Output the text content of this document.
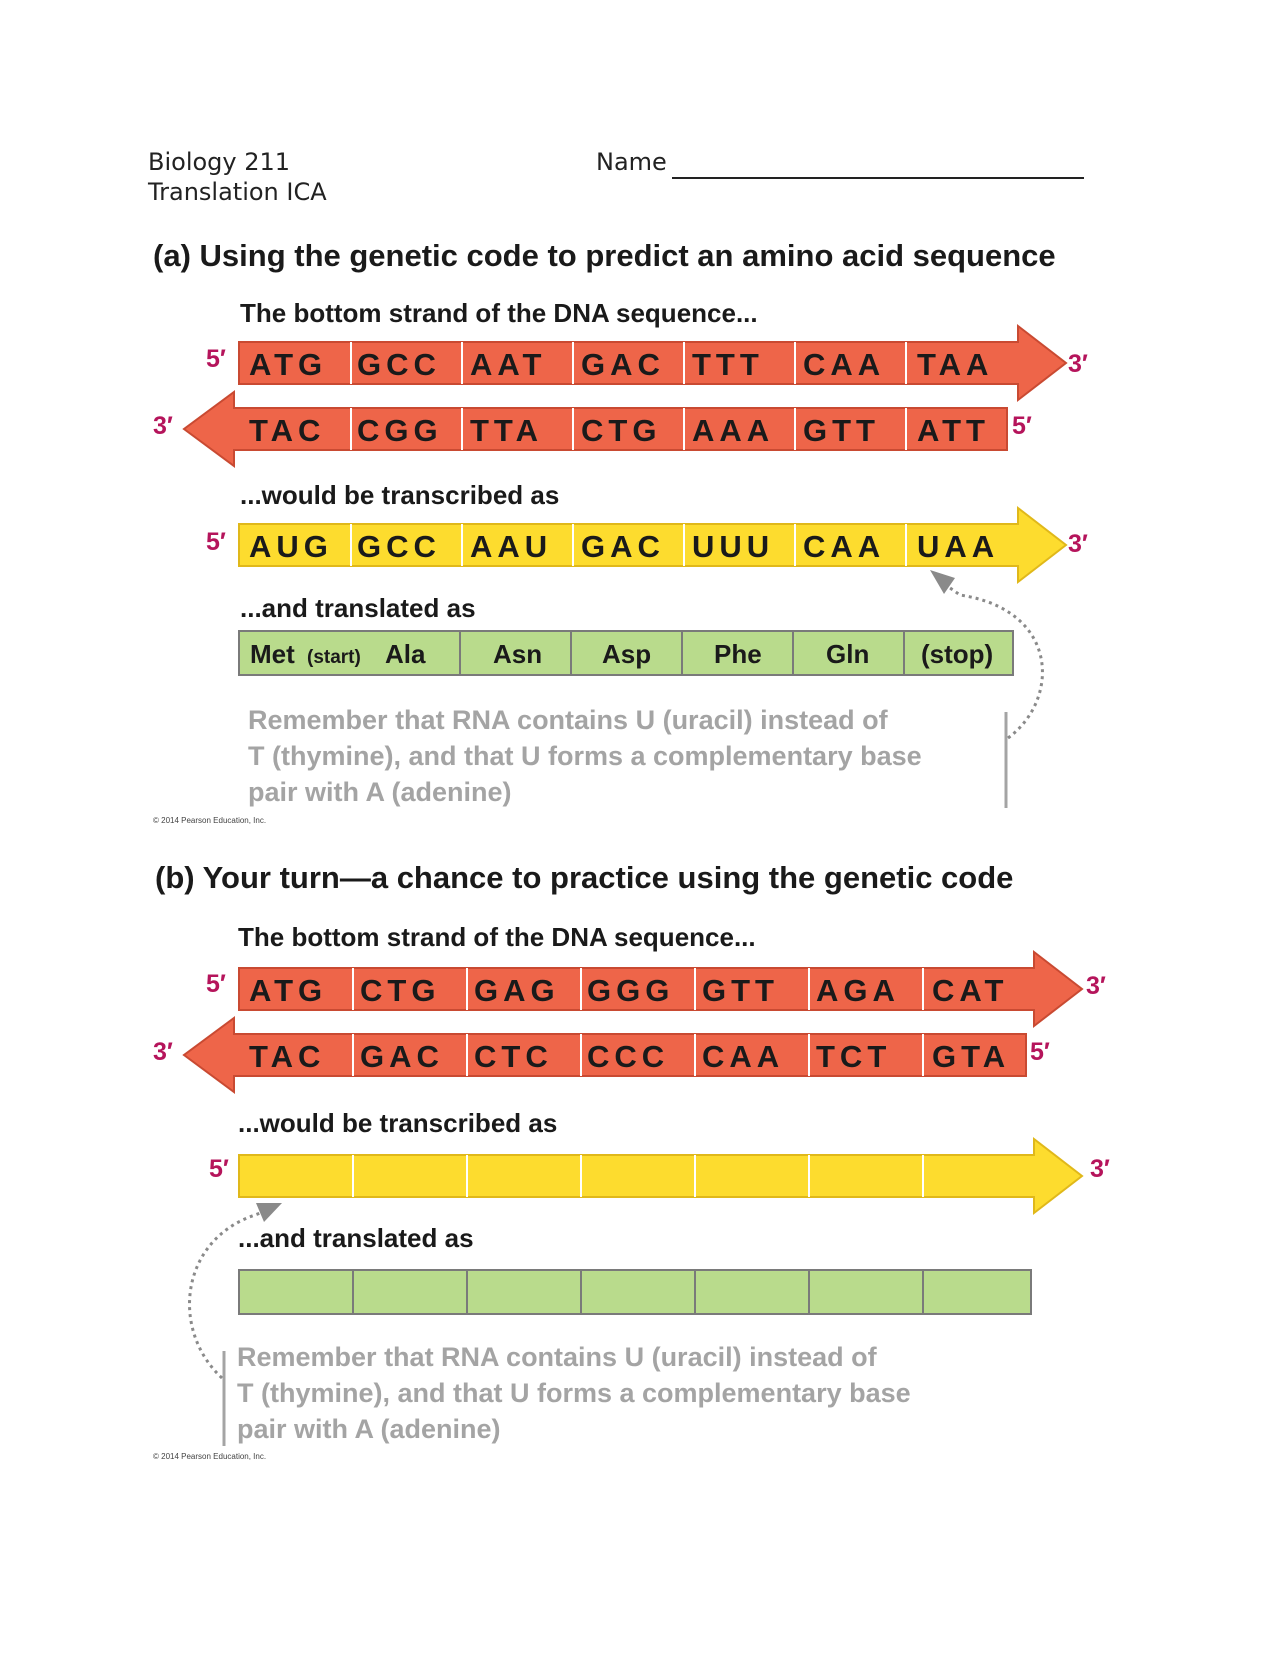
Biology 211
Translation ICA
Name
(a) Using the genetic code to predict an amino acid sequence
The bottom strand of the DNA sequence...
5′	3′
3′	5′
5′	3′
ATG GCC AAT GAC TTT CAA TAA
TAC CGG TTA CTG AAA GTT ATT
AUG GCC AAU GAC UUU CAA UAA
Met (start) Ala	Asn Asp Phe Gln (stop)
Remember that RNA contains U (uracil) instead of
T (thymine), and that U forms a complementary base
pair with A (adenine)
© 2014 Pearson Education, Inc.
(b) Your turn—a chance to practice using the genetic code
The bottom strand of the DNA sequence...
5′	3′
3′	5′
5′	3′
...would be transcribed as
...and translated as
ATG CTG GAG GGG GTT AGA CAT
TAC GAC CTC CCC CAA TCT GTA
Remember that RNA contains U (uracil) instead of
T (thymine), and that U forms a complementary base
pair with A (adenine)
© 2014 Pearson Education, Inc.
...would be transcribed as
...and translated as
